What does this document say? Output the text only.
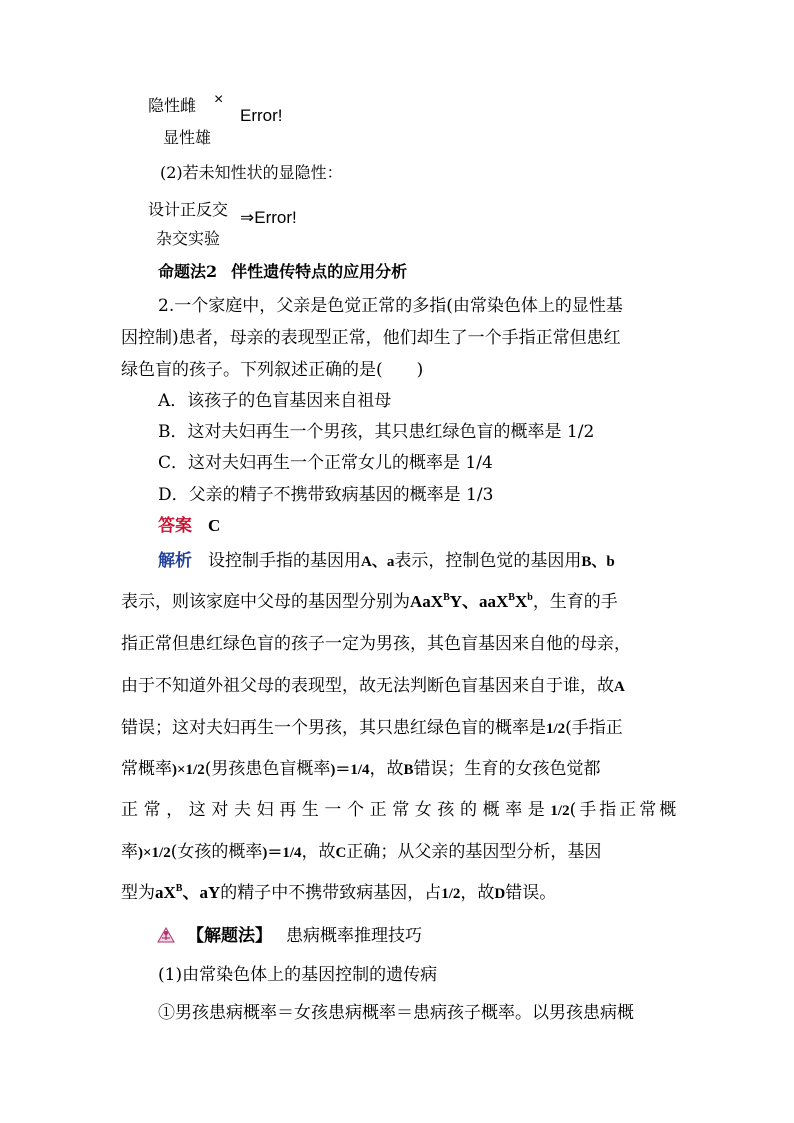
隐性雌 ×
显性雄
Error!
(2)若未知性状的显隐性：
设计正反交
杂交实验
⇒Error!
命题法2 伴性遗传特点的应用分析
2.一个家庭中，父亲是色觉正常的多指(由常染色体上的显性基
因控制)患者，母亲的表现型正常，他们却生了一个手指正常但患红
绿色盲的孩子。下列叙述正确的是(　　)
A．该孩子的色盲基因来自祖母
B．这对夫妇再生一个男孩，其只患红绿色盲的概率是 1/2
C．这对夫妇再生一个正常女儿的概率是 1/4
D．父亲的精子不携带致病基因的概率是 1/3
答案 C
解析 设控制手指的基因用A、a表示，控制色觉的基因用B、b
表示，则该家庭中父母的基因型分别为AaX$^B$Y、$aaX^BX^b$，生育的手
指正常但患红绿色盲的孩子一定为男孩，其色盲基因来自他的母亲，
由于不知道外祖父母的表现型，故无法判断色盲基因来自于谁，故A
错误；这对夫妇再生一个男孩，其只患红绿色盲的概率是1/2(手指正
常概率)×1/2(男孩患色盲概率)＝1/4，故B错误；生育的女孩色觉都
正常，这对夫妇再生一个正常女孩的概率是1/2(手指正常概
率)×1/2(女孩的概率)＝1/4，故C正确；从父亲的基因型分析，基因
型为$aX^B$、aY的精子中不携带致病基因，占1/2，故D错误。
【解题法】 患病概率推理技巧
(1)由常染色体上的基因控制的遗传病
①男孩患病概率＝女孩患病概率＝患病孩子概率。以男孩患病概
